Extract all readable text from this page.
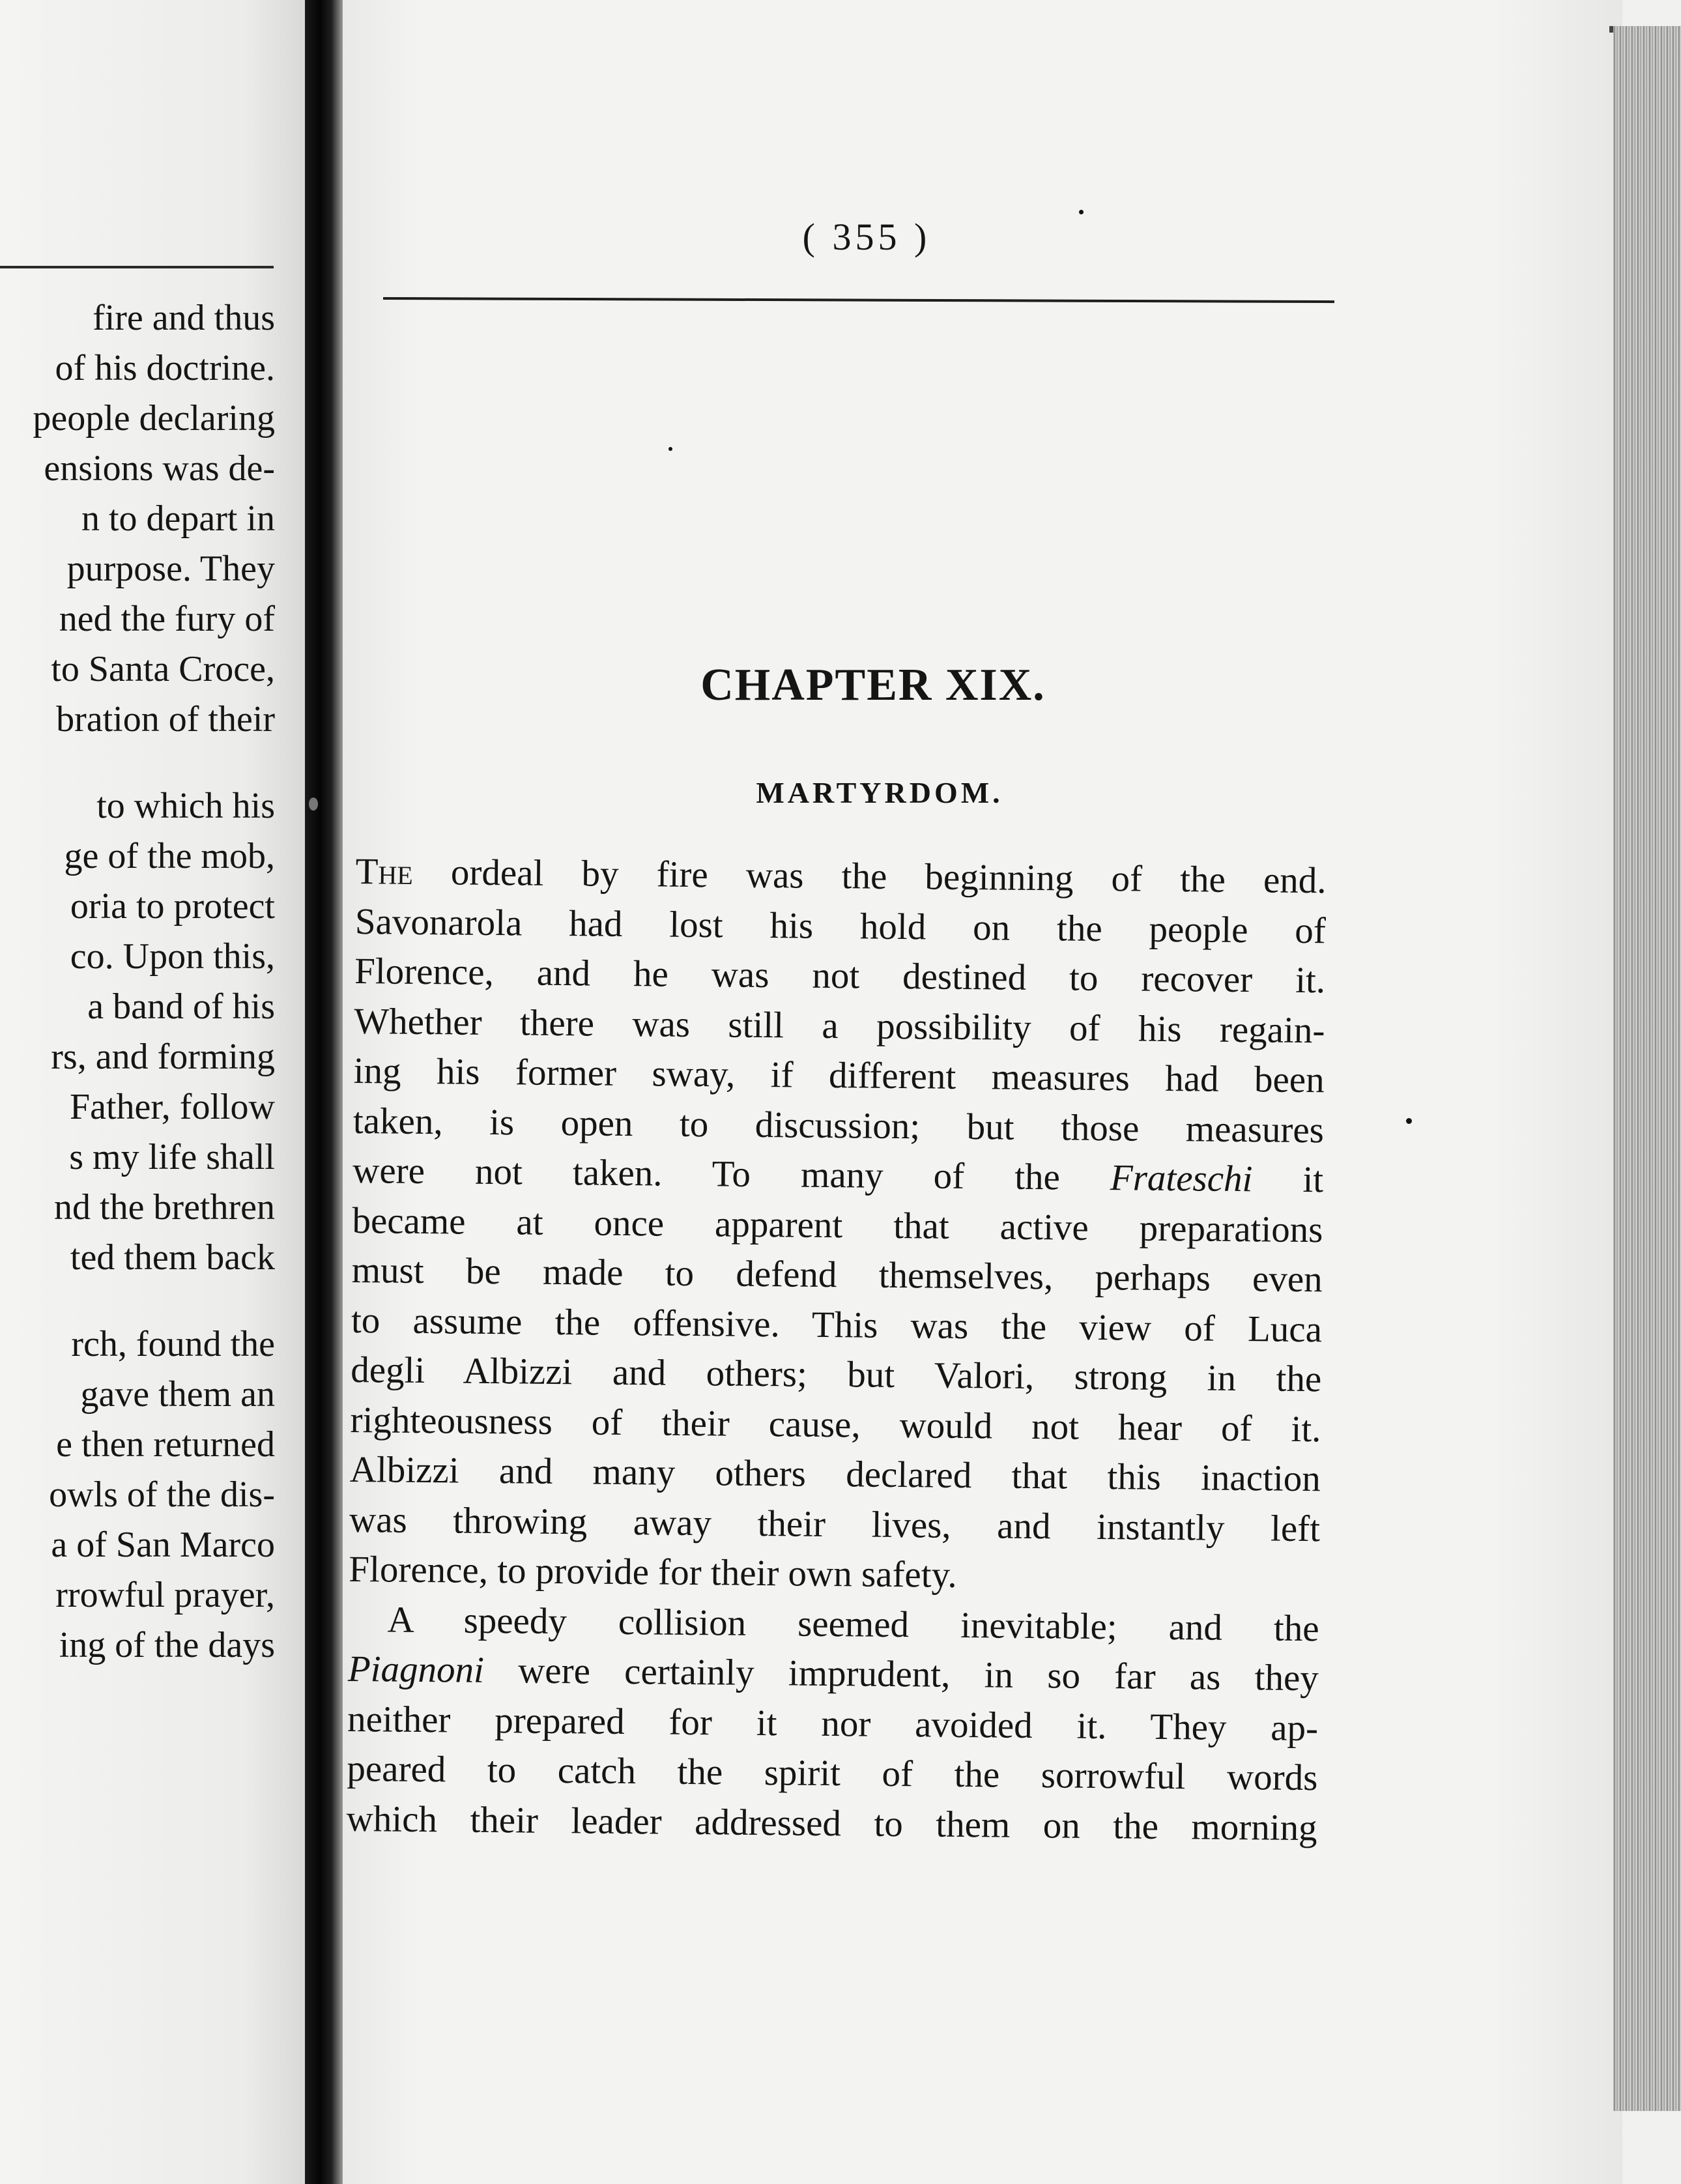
fire and thus
of his doctrine.
people declaring
ensions was de-
n to depart in
purpose. They
ned the fury of
to Santa Croce,
bration of their
to which his
ge of the mob,
oria to protect
co. Upon this,
a band of his
rs, and forming
Father, follow
s my life shall
nd the brethren
ted them back
rch, found the
gave them an
e then returned
owls of the dis-
a of San Marco
rrowful prayer,
ing of the days
( 355 )
CHAPTER XIX.
MARTYRDOM.
The ordeal by fire was the beginning of the end.
Savonarola had lost his hold on the people of
Florence, and he was not destined to recover it.
Whether there was still a possibility of his regain-
ing his former sway, if different measures had been
taken, is open to discussion; but those measures
were not taken. To many of the Frateschi it
became at once apparent that active preparations
must be made to defend themselves, perhaps even
to assume the offensive. This was the view of Luca
degli Albizzi and others; but Valori, strong in the
righteousness of their cause, would not hear of it.
Albizzi and many others declared that this inaction
was throwing away their lives, and instantly left
Florence, to provide for their own safety.
A speedy collision seemed inevitable; and the
Piagnoni were certainly imprudent, in so far as they
neither prepared for it nor avoided it. They ap-
peared to catch the spirit of the sorrowful words
which their leader addressed to them on the morning
